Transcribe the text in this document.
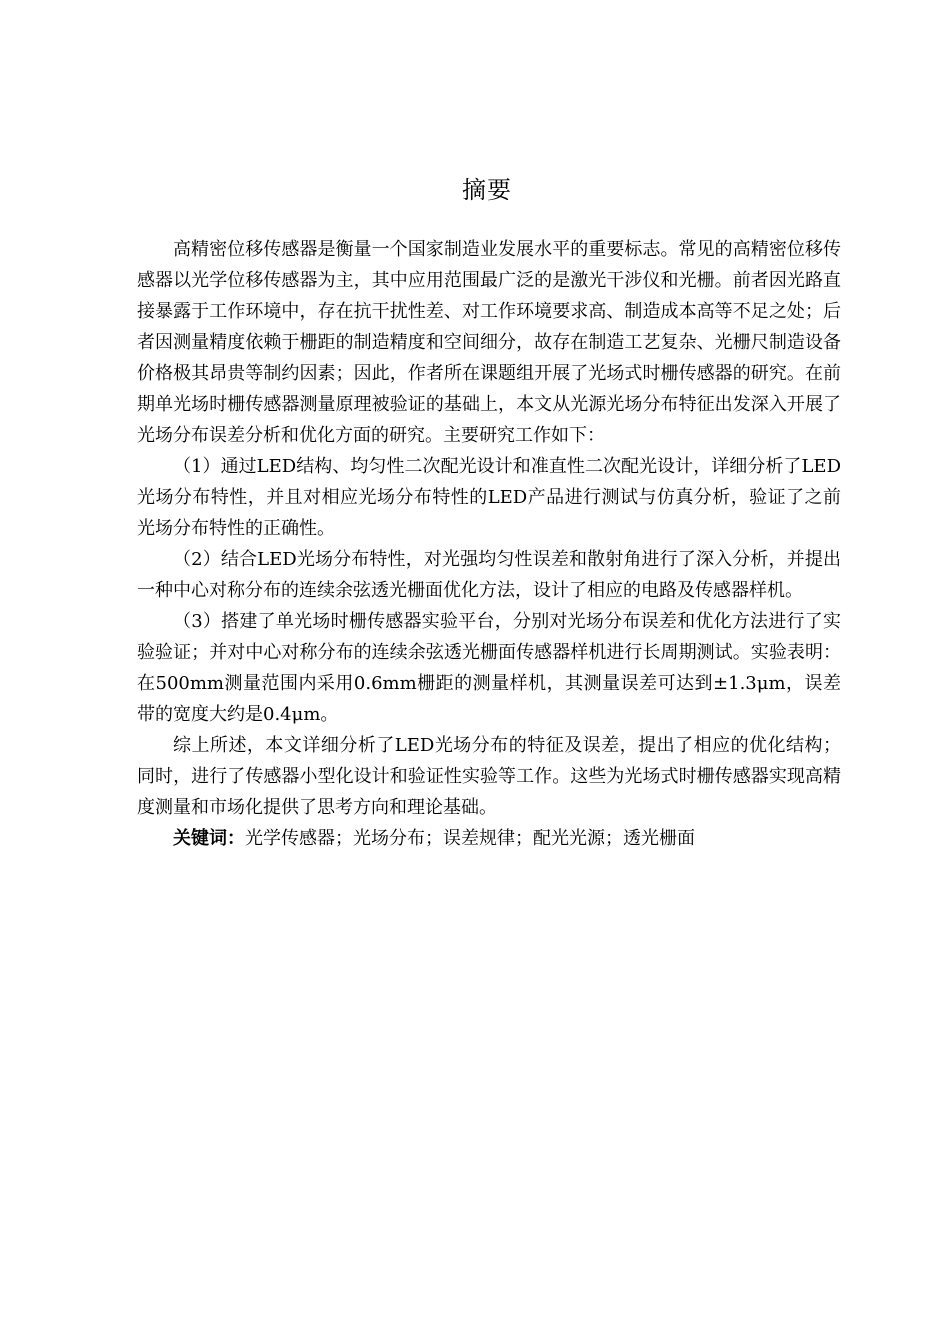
摘要

高精密位移传感器是衡量一个国家制造业发展水平的重要标志。常见的高精密位移传感器以光学位移传感器为主，其中应用范围最广泛的是激光干涉仪和光栅。前者因光路直接暴露于工作环境中，存在抗干扰性差、对工作环境要求高、制造成本高等不足之处；后者因测量精度依赖于栅距的制造精度和空间细分，故存在制造工艺复杂、光栅尺制造设备价格极其昂贵等制约因素；因此，作者所在课题组开展了光场式时栅传感器的研究。在前期单光场时栅传感器测量原理被验证的基础上，本文从光源光场分布特征出发深入开展了光场分布误差分析和优化方面的研究。主要研究工作如下：

（1）通过LED结构、均匀性二次配光设计和准直性二次配光设计，详细分析了LED光场分布特性，并且对相应光场分布特性的LED产品进行测试与仿真分析，验证了之前光场分布特性的正确性。

（2）结合LED光场分布特性，对光强均匀性误差和散射角进行了深入分析，并提出一种中心对称分布的连续余弦透光栅面优化方法，设计了相应的电路及传感器样机。

（3）搭建了单光场时栅传感器实验平台，分别对光场分布误差和优化方法进行了实验验证；并对中心对称分布的连续余弦透光栅面传感器样机进行长周期测试。实验表明：在500mm测量范围内采用0.6mm栅距的测量样机，其测量误差可达到±1.3μm，误差带的宽度大约是0.4μm。

综上所述，本文详细分析了LED光场分布的特征及误差，提出了相应的优化结构；同时，进行了传感器小型化设计和验证性实验等工作。这些为光场式时栅传感器实现高精度测量和市场化提供了思考方向和理论基础。

关键词：光学传感器；光场分布；误差规律；配光光源；透光栅面
